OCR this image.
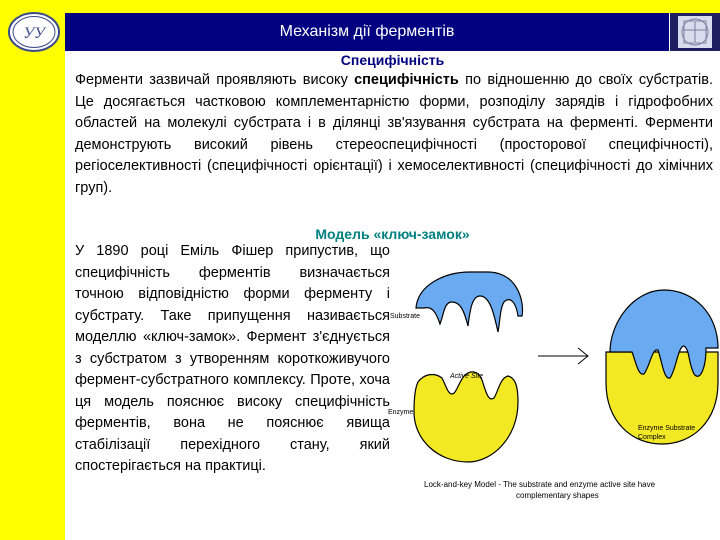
УУ	Механізм дії ферментів
Специфічність

Ферменти зазвичай проявляють високу специфічність по відношенню до своїх субстратів. Це досягається частковою комплементарністю форми, розподілу зарядів і гідрофобних областей на молекулі субстрата і в ділянці зв'язування субстрата на ферменті. Ферменти демонструють високий рівень стереоспецифічності (просторової специфічності), регіоселективності (специфічності орієнтації) і хемоселективності (специфічності до хімічних груп).

Модель «ключ-замок»

У 1890 році Еміль Фішер припустив, що специфічність ферментів визначається точною відповідністю форми ферменту і субстрату. Таке припущення називається моделлю «ключ-замок». Фермент з'єднується з субстратом з утворенням короткоживучого фермент-субстратного комплексу. Проте, хоча ця модель пояснює високу специфічність ферментів, вона не пояснює явища стабілізації перехідного стану, який спостерігається на практиці.

Substrate
Active Site
Enzyme
Enzyme Substrate
Complex
Lock-and-key Model - The substrate and enzyme active site have
complementary shapes
